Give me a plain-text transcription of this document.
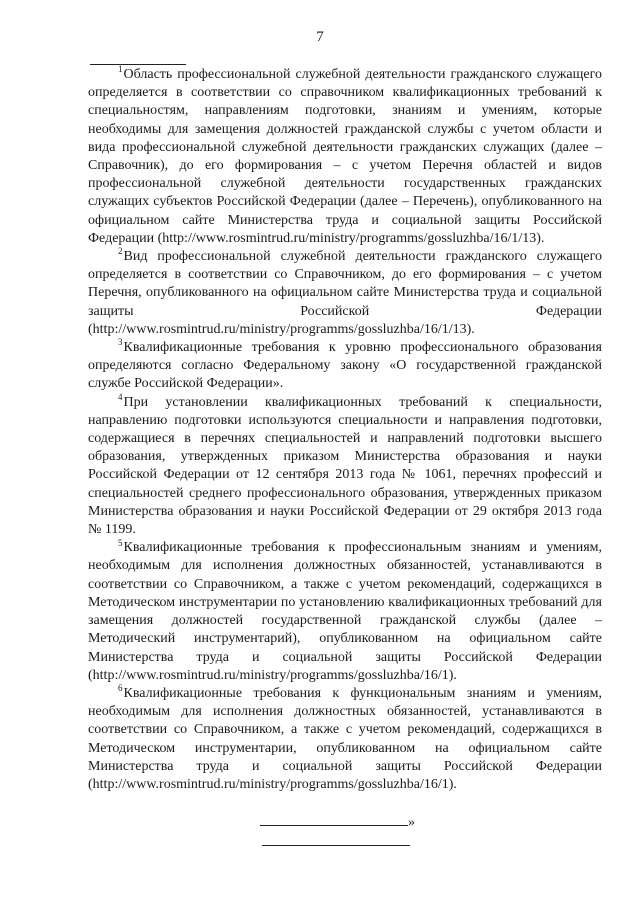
7

$^1$Область профессиональной служебной деятельности гражданского служащего определяется в соответствии со справочником квалификационных требований к специальностям, направлениям подготовки, знаниям и умениям, которые необходимы для замещения должностей гражданской службы с учетом области и вида профессиональной служебной деятельности гражданских служащих (далее – Справочник), до его формирования – с учетом Перечня областей и видов профессиональной служебной деятельности государственных гражданских служащих субъектов Российской Федерации (далее – Перечень), опубликованного на официальном сайте Министерства труда и социальной защиты Российской Федерации (http://www.rosmintrud.ru/ministry/programms/gossluzhba/16/1/13).

$^2$Вид профессиональной служебной деятельности гражданского служащего определяется в соответствии со Справочником, до его формирования – с учетом Перечня, опубликованного на официальном сайте Министерства труда и социальной защиты Российской Федерации (http://www.rosmintrud.ru/ministry/programms/gossluzhba/16/1/13).

$^3$Квалификационные требования к уровню профессионального образования определяются согласно Федеральному закону «О государственной гражданской службе Российской Федерации».

$^4$При установлении квалификационных требований к специальности, направлению подготовки используются специальности и направления подготовки, содержащиеся в перечнях специальностей и направлений подготовки высшего образования, утвержденных приказом Министерства образования и науки Российской Федерации от 12 сентября 2013 года № 1061, перечнях профессий и специальностей среднего профессионального образования, утвержденных приказом Министерства образования и науки Российской Федерации от 29 октября 2013 года № 1199.

$^5$Квалификационные требования к профессиональным знаниям и умениям, необходимым для исполнения должностных обязанностей, устанавливаются в соответствии со Справочником, а также с учетом рекомендаций, содержащихся в Методическом инструментарии по установлению квалификационных требований для замещения должностей государственной гражданской службы (далее – Методический инструментарий), опубликованном на официальном сайте Министерства труда и социальной защиты Российской Федерации (http://www.rosmintrud.ru/ministry/programms/gossluzhba/16/1).

$^6$Квалификационные требования к функциональным знаниям и умениям, необходимым для исполнения должностных обязанностей, устанавливаются в соответствии со Справочником, а также с учетом рекомендаций, содержащихся в Методическом инструментарии, опубликованном на официальном сайте Министерства труда и социальной защиты Российской Федерации (http://www.rosmintrud.ru/ministry/programms/gossluzhba/16/1).

»
